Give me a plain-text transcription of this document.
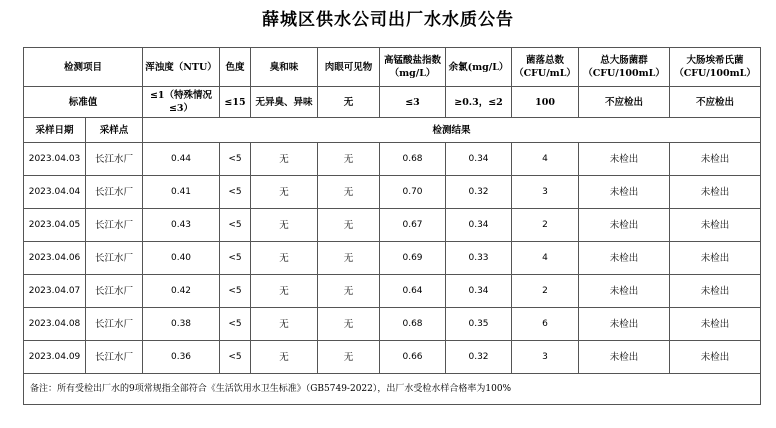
薛城区供水公司出厂水水质公告
检测项目		浑浊度（NTU）	色度	臭和味	肉眼可见物	高锰酸盐指数（mg/L）	余氯(mg/L）	菌落总数（CFU/mL）	总大肠菌群（CFU/100mL）	大肠埃希氏菌（CFU/100mL）
标准值		≤1（特殊情况≤3）	≤15	无异臭、异味	无	≤3	≥0.3，≤2	100	不应检出	不应检出
采样日期	采样点	检测结果								
2023.04.03	长江水厂	0.44	<5	无	无	0.68	0.34	4	未检出	未检出
2023.04.04	长江水厂	0.41	<5	无	无	0.70	0.32	3	未检出	未检出
2023.04.05	长江水厂	0.43	<5	无	无	0.67	0.34	2	未检出	未检出
2023.04.06	长江水厂	0.40	<5	无	无	0.69	0.33	4	未检出	未检出
2023.04.07	长江水厂	0.42	<5	无	无	0.64	0.34	2	未检出	未检出
2023.04.08	长江水厂	0.38	<5	无	无	0.68	0.35	6	未检出	未检出
2023.04.09	长江水厂	0.36	<5	无	无	0.66	0.32	3	未检出	未检出
备注：所有受检出厂水的9项常规指全部符合《生活饮用水卫生标准》（GB5749-2022），出厂水受检水样合格率为100%										
